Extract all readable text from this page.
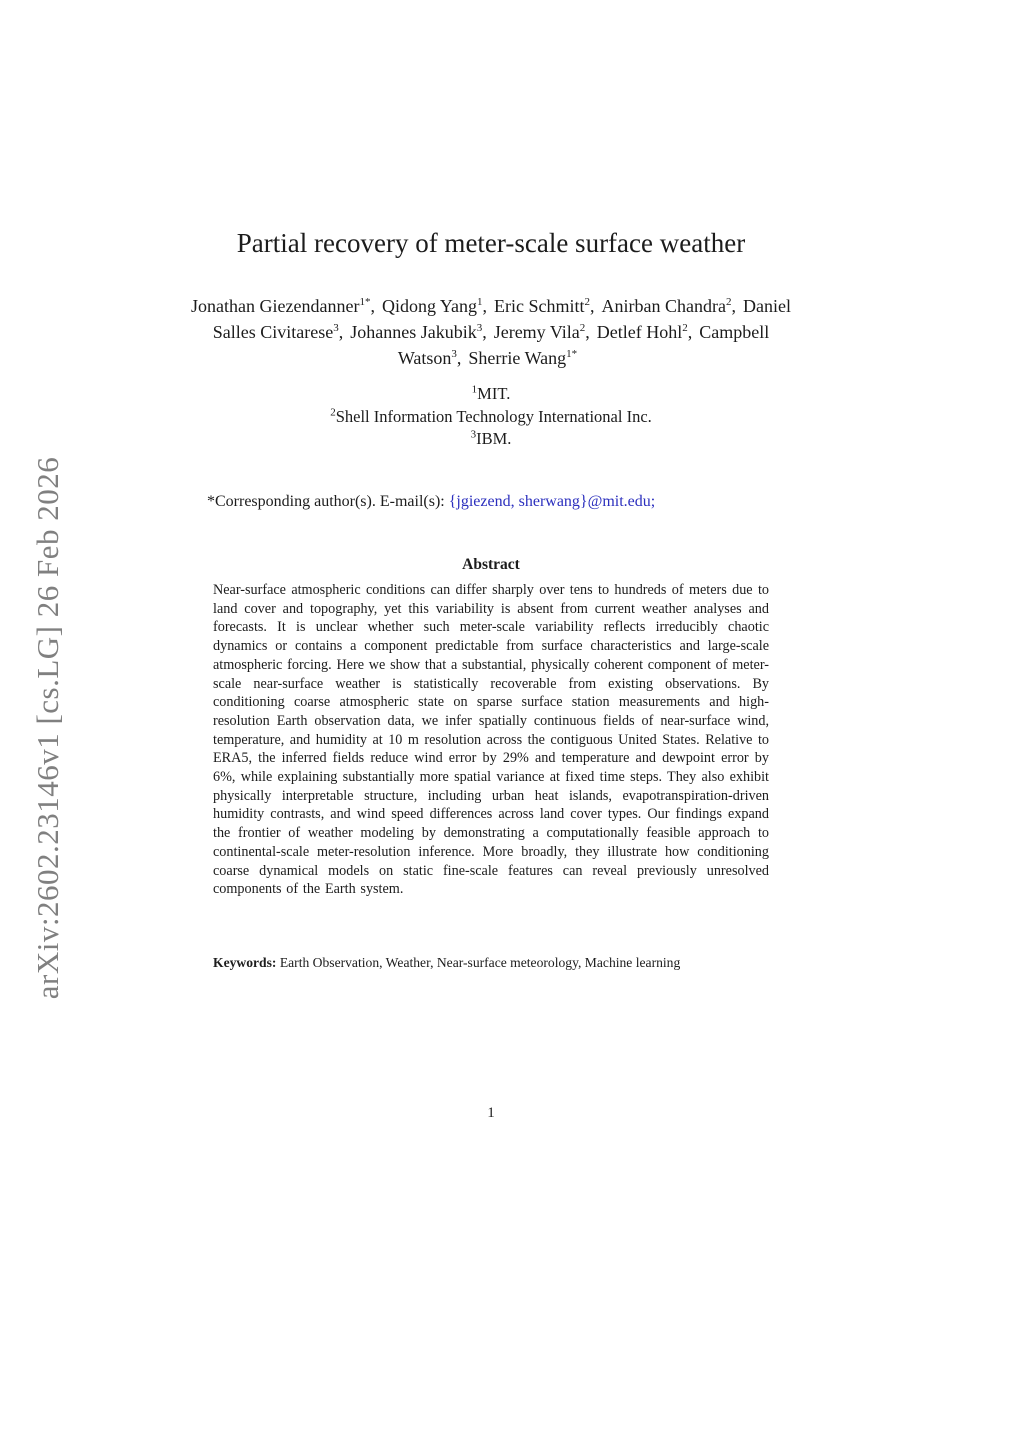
arXiv:2602.23146v1 [cs.LG] 26 Feb 2026
Partial recovery of meter-scale surface weather
Jonathan Giezendanner$^{1*}$, Qidong Yang$^1$, Eric Schmitt$^2$, Anirban Chandra$^2$, Daniel Salles Civitarese$^3$, Johannes Jakubik$^3$, Jeremy Vila$^2$, Detlef Hohl$^2$, Campbell Watson$^3$, Sherrie Wang$^{1*}$
$^1$MIT.
$^2$Shell Information Technology International Inc.
$^3$IBM.
*Corresponding author(s). E-mail(s): {jgiezend, sherwang}@mit.edu;
Abstract
Near-surface atmospheric conditions can differ sharply over tens to hundreds of meters due to land cover and topography, yet this variability is absent from current weather analyses and forecasts. It is unclear whether such meter-scale variability reflects irreducibly chaotic dynamics or contains a component predictable from surface characteristics and large-scale atmospheric forcing. Here we show that a substantial, physically coherent component of meter-scale near-surface weather is statistically recoverable from existing observations. By conditioning coarse atmospheric state on sparse surface station measurements and high-resolution Earth observation data, we infer spatially continuous fields of near-surface wind, temperature, and humidity at 10 m resolution across the contiguous United States. Relative to ERA5, the inferred fields reduce wind error by 29% and temperature and dewpoint error by 6%, while explaining substantially more spatial variance at fixed time steps. They also exhibit physically interpretable structure, including urban heat islands, evapotranspiration-driven humidity contrasts, and wind speed differences across land cover types. Our findings expand the frontier of weather modeling by demonstrating a computationally feasible approach to continental-scale meter-resolution inference. More broadly, they illustrate how conditioning coarse dynamical models on static fine-scale features can reveal previously unresolved components of the Earth system.
Keywords: Earth Observation, Weather, Near-surface meteorology, Machine learning
1
